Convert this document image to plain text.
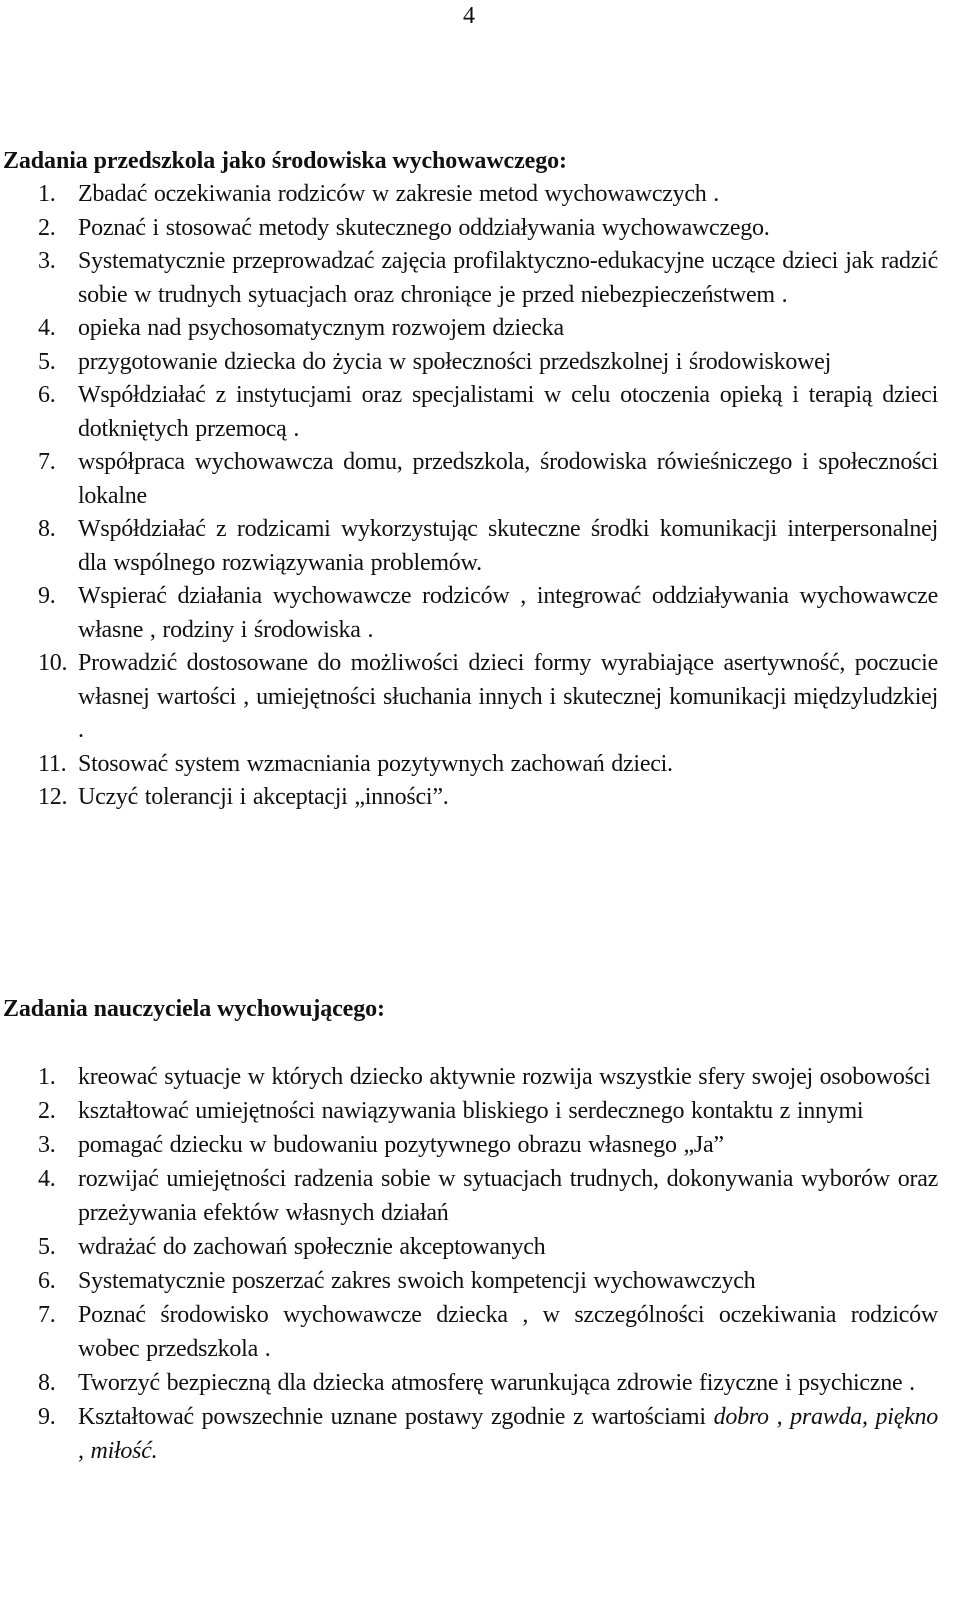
4
Zadania przedszkola jako środowiska wychowawczego:
1. Zbadać oczekiwania rodziców w zakresie metod wychowawczych .
2. Poznać i stosować metody skutecznego oddziaływania wychowawczego.
3. Systematycznie przeprowadzać zajęcia profilaktyczno-edukacyjne uczące dzieci jak radzić sobie w trudnych sytuacjach oraz chroniące je przed niebezpieczeństwem .
4. opieka nad psychosomatycznym rozwojem dziecka
5. przygotowanie dziecka do życia w społeczności przedszkolnej i środowiskowej
6. Współdziałać z instytucjami oraz specjalistami w celu otoczenia opieką i terapią dzieci dotkniętych przemocą .
7. współpraca wychowawcza domu, przedszkola, środowiska rówieśniczego i społeczności lokalne
8. Współdziałać z rodzicami wykorzystując skuteczne środki komunikacji interpersonalnej dla wspólnego rozwiązywania problemów.
9. Wspierać działania wychowawcze rodziców , integrować oddziaływania wychowawcze własne , rodziny i środowiska .
10. Prowadzić dostosowane do możliwości dzieci formy wyrabiające asertywność, poczucie własnej wartości , umiejętności słuchania innych i skutecznej komunikacji międzyludzkiej .
11. Stosować system wzmacniania pozytywnych zachowań dzieci.
12. Uczyć tolerancji i akceptacji „inności”.
Zadania nauczyciela wychowującego:
1. kreować sytuacje w których dziecko aktywnie rozwija wszystkie sfery swojej osobowości
2. kształtować umiejętności nawiązywania bliskiego i serdecznego kontaktu z innymi
3. pomagać dziecku w budowaniu pozytywnego obrazu własnego „Ja”
4. rozwijać umiejętności radzenia sobie w sytuacjach trudnych, dokonywania wyborów oraz przeżywania efektów własnych działań
5. wdrażać do zachowań społecznie akceptowanych
6. Systematycznie poszerzać zakres swoich kompetencji wychowawczych
7. Poznać środowisko wychowawcze dziecka , w szczególności oczekiwania rodziców wobec przedszkola .
8. Tworzyć bezpieczną dla dziecka atmosferę warunkująca zdrowie fizyczne i psychiczne .
9. Kształtować powszechnie uznane postawy zgodnie z wartościami dobro , prawda, piękno , miłość.
